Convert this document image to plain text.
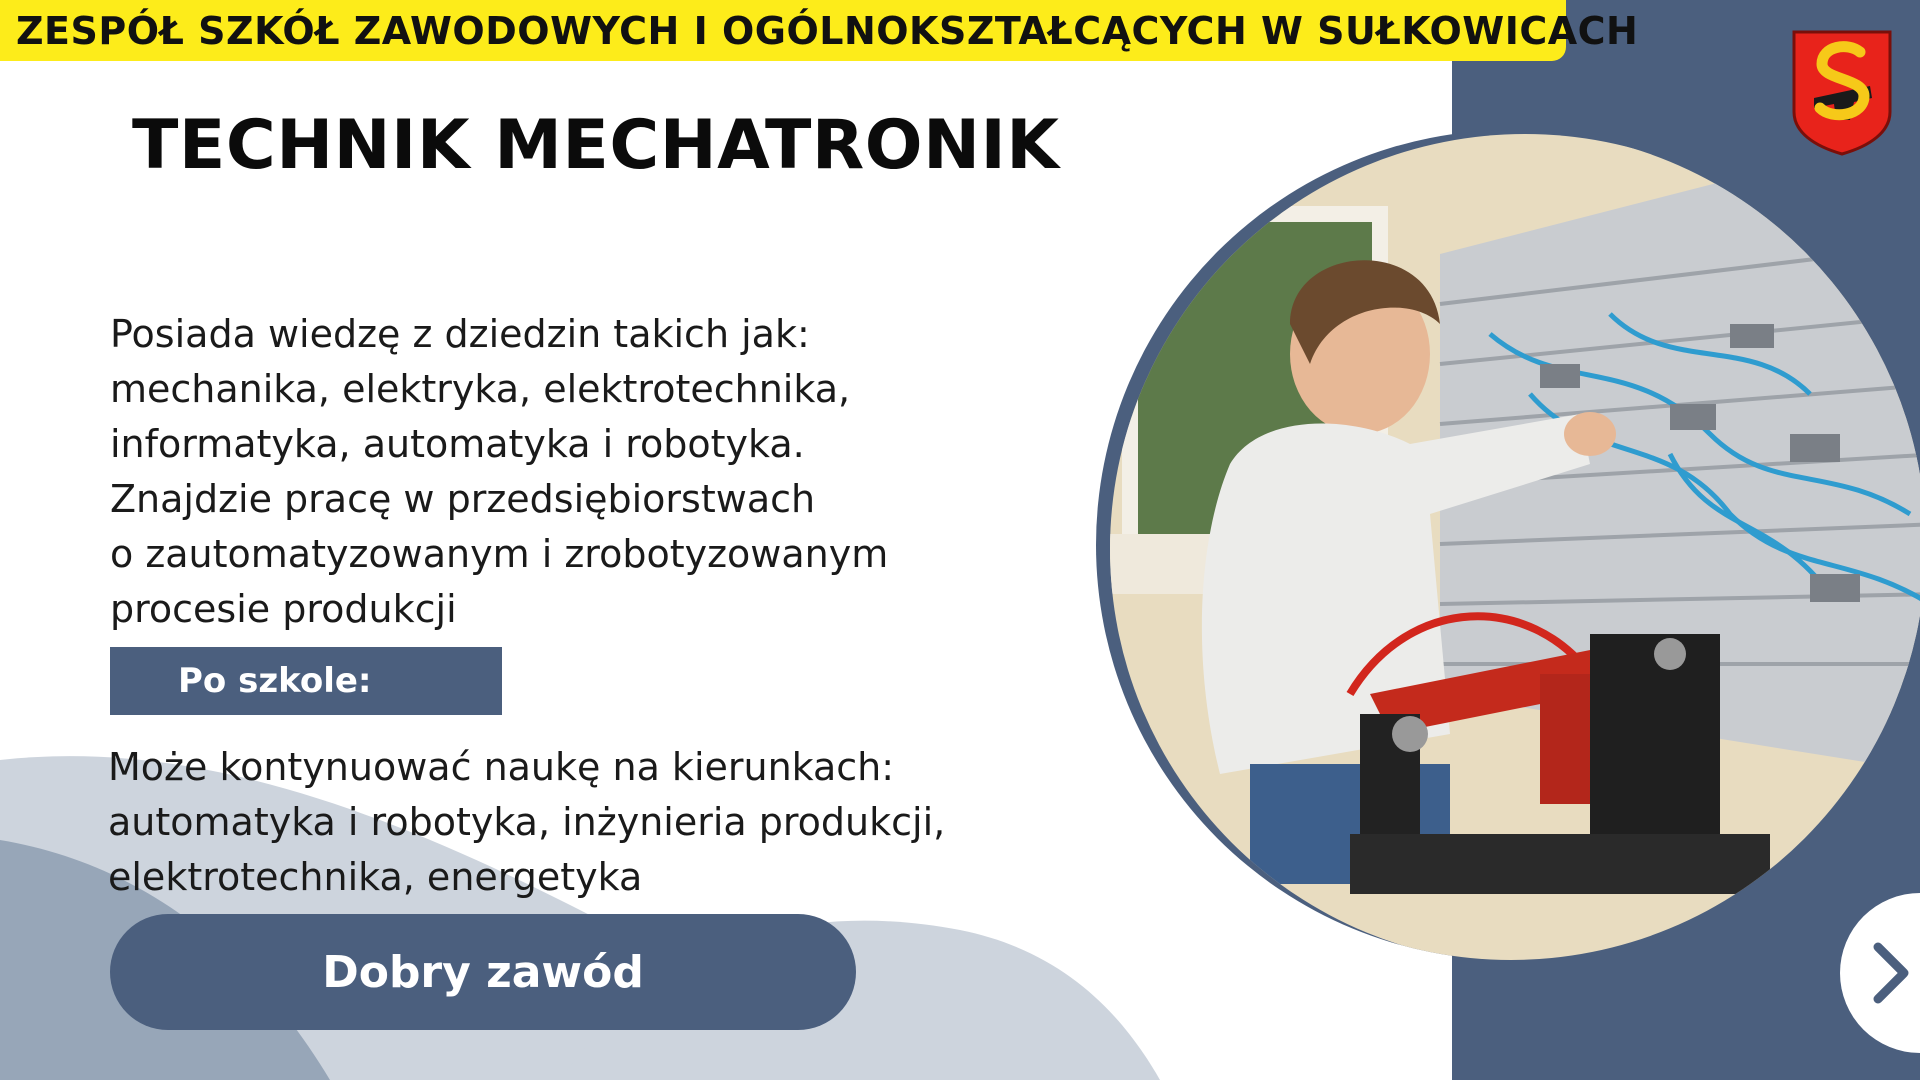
ZESPÓŁ SZKÓŁ ZAWODOWYCH I OGÓLNOKSZTAŁCĄCYCH W SUŁKOWICACH
TECHNIK MECHATRONIK
Posiada wiedzę z dziedzin takich jak:
mechanika, elektryka, elektrotechnika,
informatyka, automatyka i robotyka.
Znajdzie pracę w przedsiębiorstwach
o zautomatyzowanym i zrobotyzowanym
procesie produkcji
Po szkole:
Może kontynuować naukę na kierunkach:
automatyka i robotyka, inżynieria produkcji,
elektrotechnika, energetyka
Dobry zawód
